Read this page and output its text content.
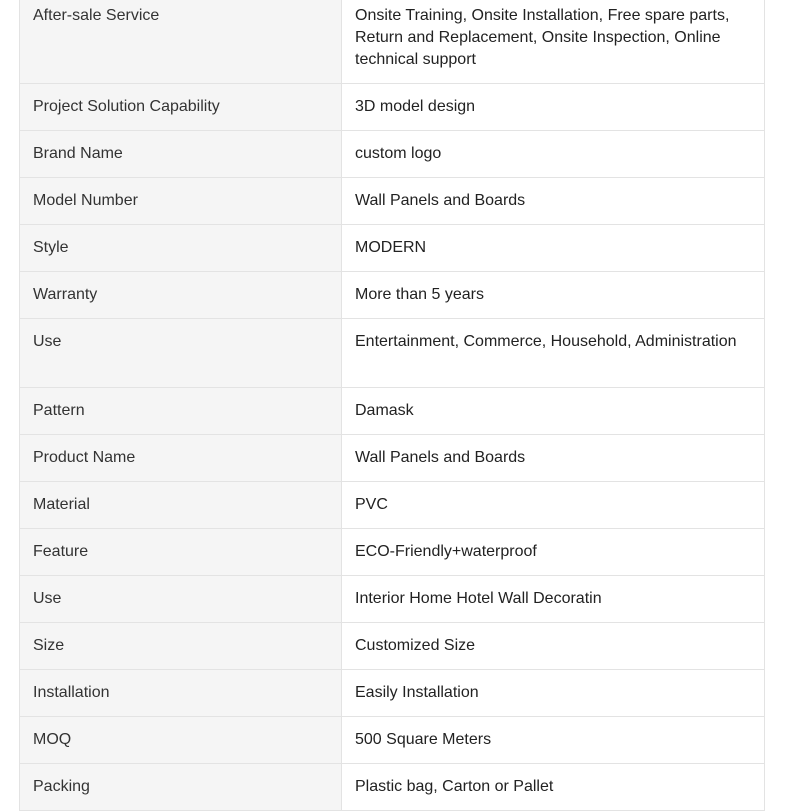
After-sale Service	Onsite Training, Onsite Installation, Free spare parts, Return and Replacement, Onsite Inspection, Online technical support
Project Solution Capability	3D model design
Brand Name	custom logo
Model Number	Wall Panels and Boards
Style	MODERN
Warranty	More than 5 years
Use	Entertainment, Commerce, Household, Administration
Pattern	Damask
Product Name	Wall Panels and Boards
Material	PVC
Feature	ECO-Friendly+waterproof
Use	Interior Home Hotel Wall Decoratin
Size	Customized Size
Installation	Easily Installation
MOQ	500 Square Meters
Packing	Plastic bag, Carton or Pallet
